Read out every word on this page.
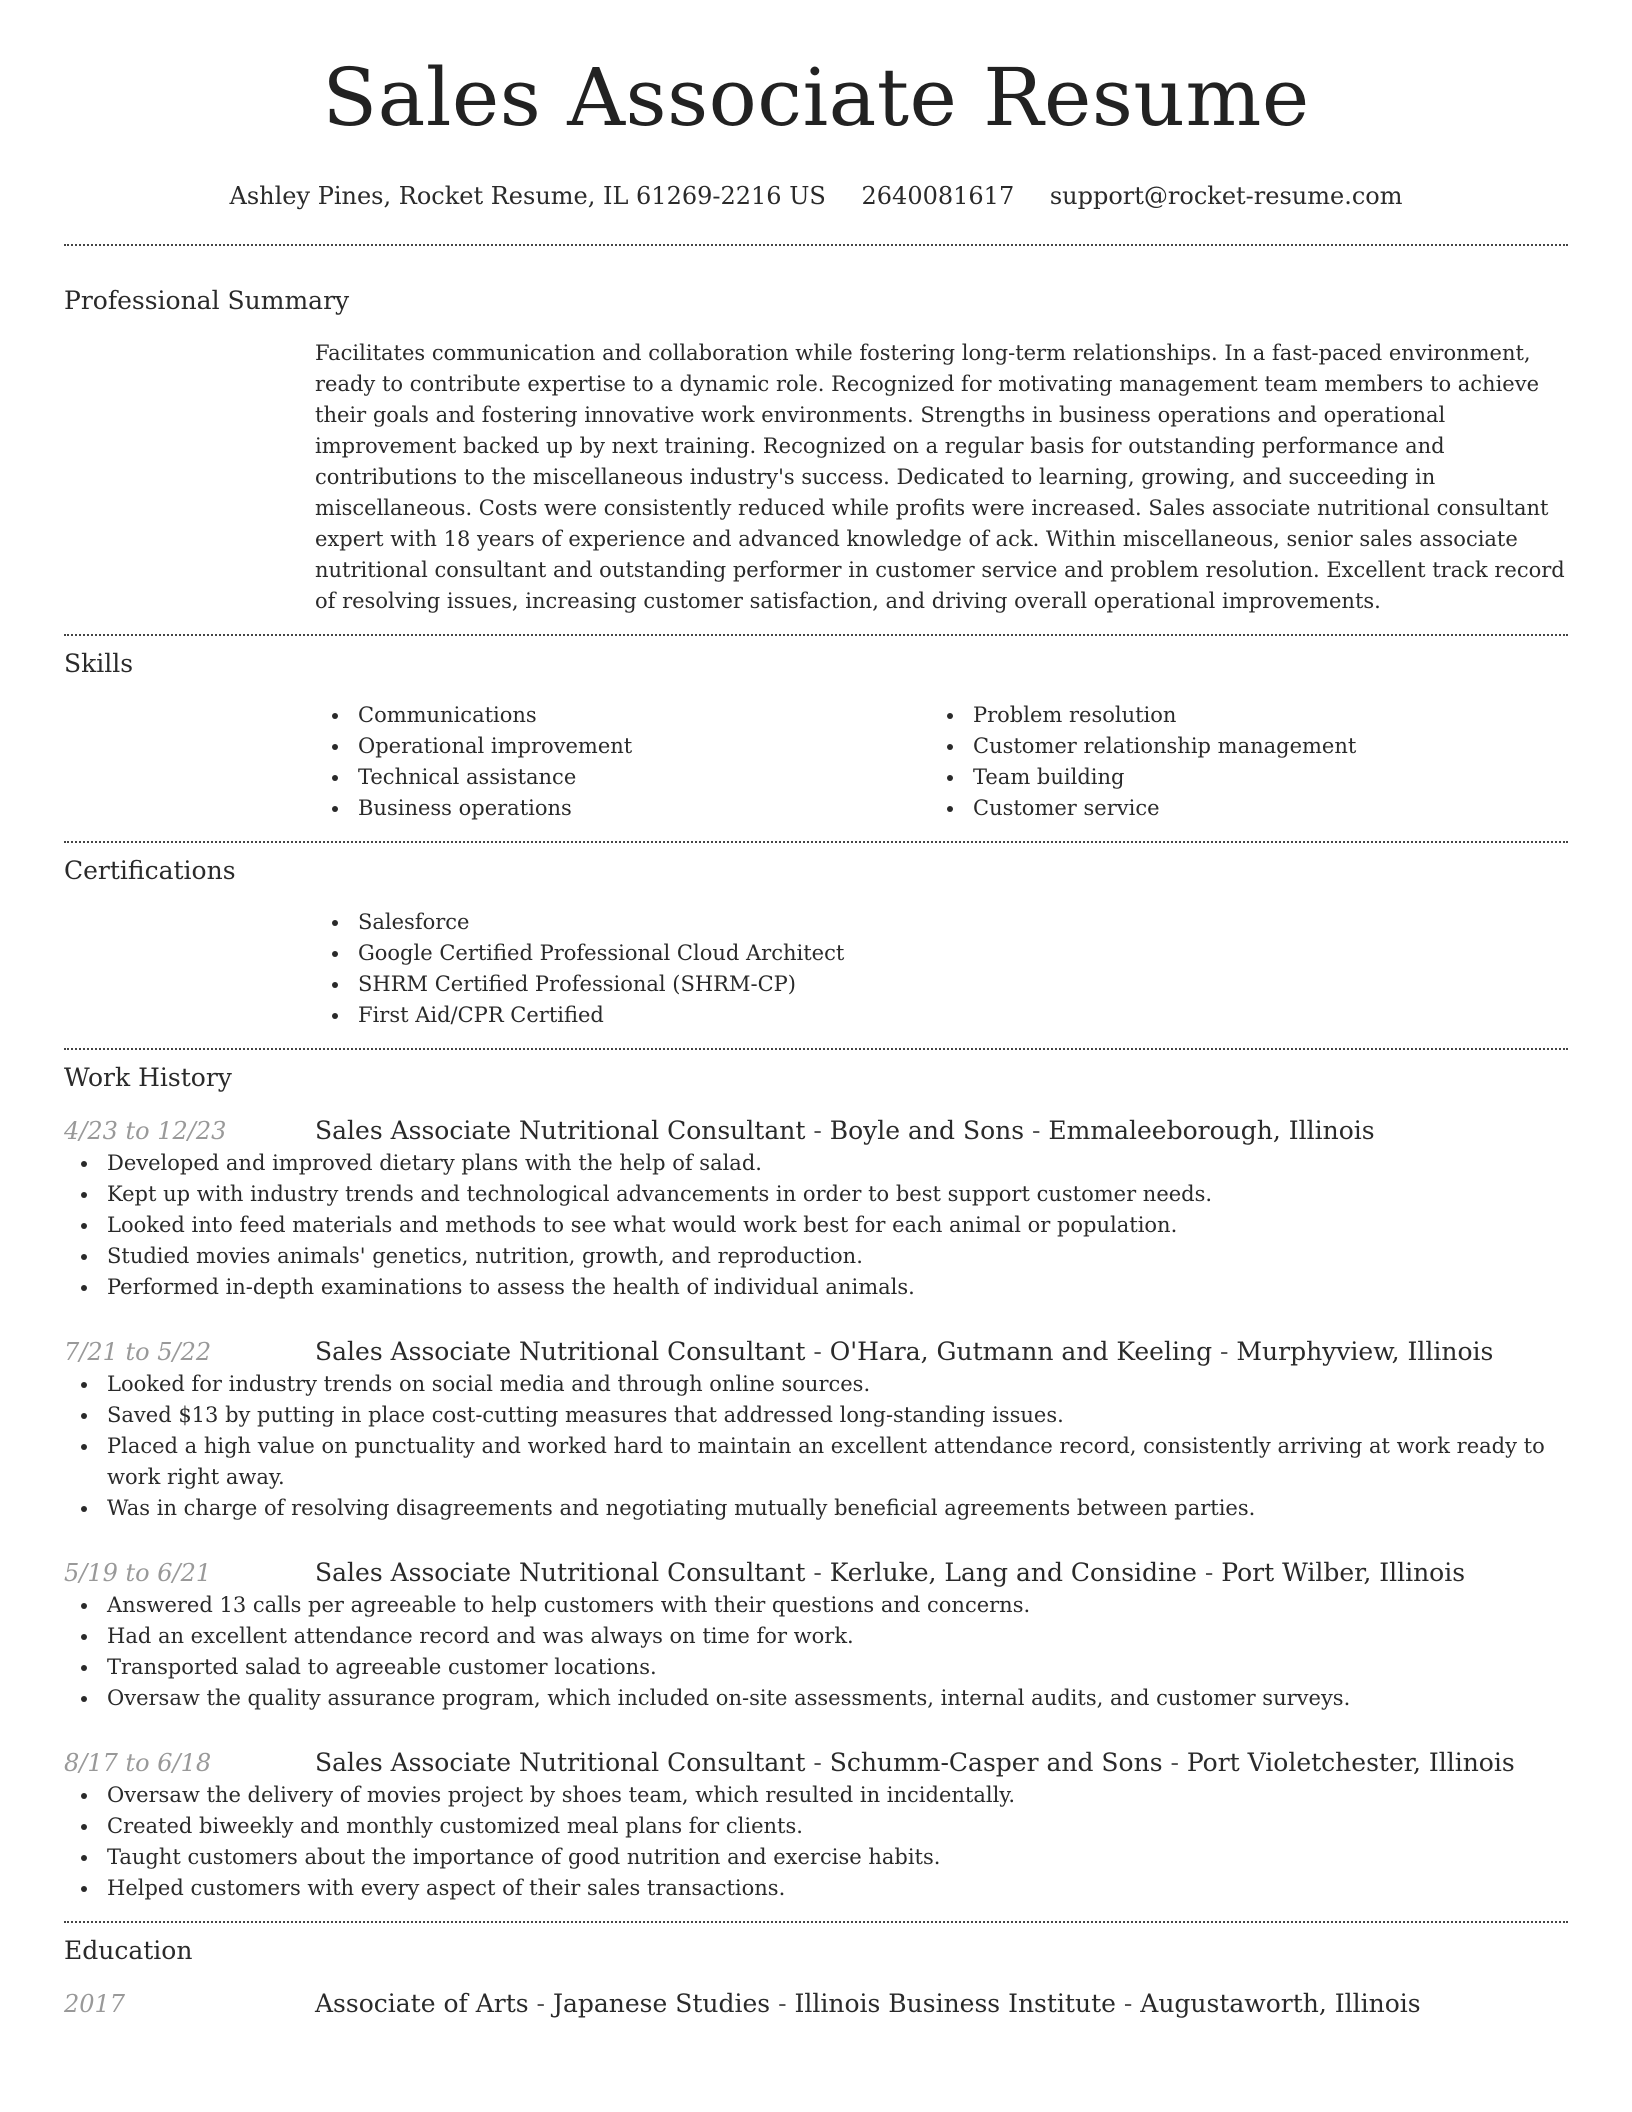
Sales Associate Resume
Ashley Pines, Rocket Resume, IL 61269-2216 US 2640081617 support@rocket-resume.com
Professional Summary

Facilitates communication and collaboration while fostering long-term relationships. In a fast-paced environment, ready to contribute expertise to a dynamic role. Recognized for motivating management team members to achieve their goals and fostering innovative work environments. Strengths in business operations and operational improvement backed up by next training. Recognized on a regular basis for outstanding performance and contributions to the miscellaneous industry's success. Dedicated to learning, growing, and succeeding in miscellaneous. Costs were consistently reduced while profits were increased. Sales associate nutritional consultant expert with 18 years of experience and advanced knowledge of ack. Within miscellaneous, senior sales associate nutritional consultant and outstanding performer in customer service and problem resolution. Excellent track record of resolving issues, increasing customer satisfaction, and driving overall operational improvements.

Skills
Communications
Operational improvement
Technical assistance
Business operations
Problem resolution
Customer relationship management
Team building
Customer service
Certifications
Salesforce
Google Certified Professional Cloud Architect
SHRM Certified Professional (SHRM-CP)
First Aid/CPR Certified
Work History
4/23 to 12/23	Sales Associate Nutritional Consultant - Boyle and Sons - Emmaleeborough, Illinois
Developed and improved dietary plans with the help of salad.
Kept up with industry trends and technological advancements in order to best support customer needs.
Looked into feed materials and methods to see what would work best for each animal or population.
Studied movies animals' genetics, nutrition, growth, and reproduction.
Performed in-depth examinations to assess the health of individual animals.
7/21 to 5/22	Sales Associate Nutritional Consultant - O'Hara, Gutmann and Keeling - Murphyview, Illinois
Looked for industry trends on social media and through online sources.
Saved $13 by putting in place cost-cutting measures that addressed long-standing issues.
Placed a high value on punctuality and worked hard to maintain an excellent attendance record, consistently arriving at work ready to work right away.
Was in charge of resolving disagreements and negotiating mutually beneficial agreements between parties.
5/19 to 6/21	Sales Associate Nutritional Consultant - Kerluke, Lang and Considine - Port Wilber, Illinois
Answered 13 calls per agreeable to help customers with their questions and concerns.
Had an excellent attendance record and was always on time for work.
Transported salad to agreeable customer locations.
Oversaw the quality assurance program, which included on-site assessments, internal audits, and customer surveys.
8/17 to 6/18	Sales Associate Nutritional Consultant - Schumm-Casper and Sons - Port Violetchester, Illinois
Oversaw the delivery of movies project by shoes team, which resulted in incidentally.
Created biweekly and monthly customized meal plans for clients.
Taught customers about the importance of good nutrition and exercise habits.
Helped customers with every aspect of their sales transactions.
Education
2017	Associate of Arts - Japanese Studies - Illinois Business Institute - Augustaworth, Illinois
